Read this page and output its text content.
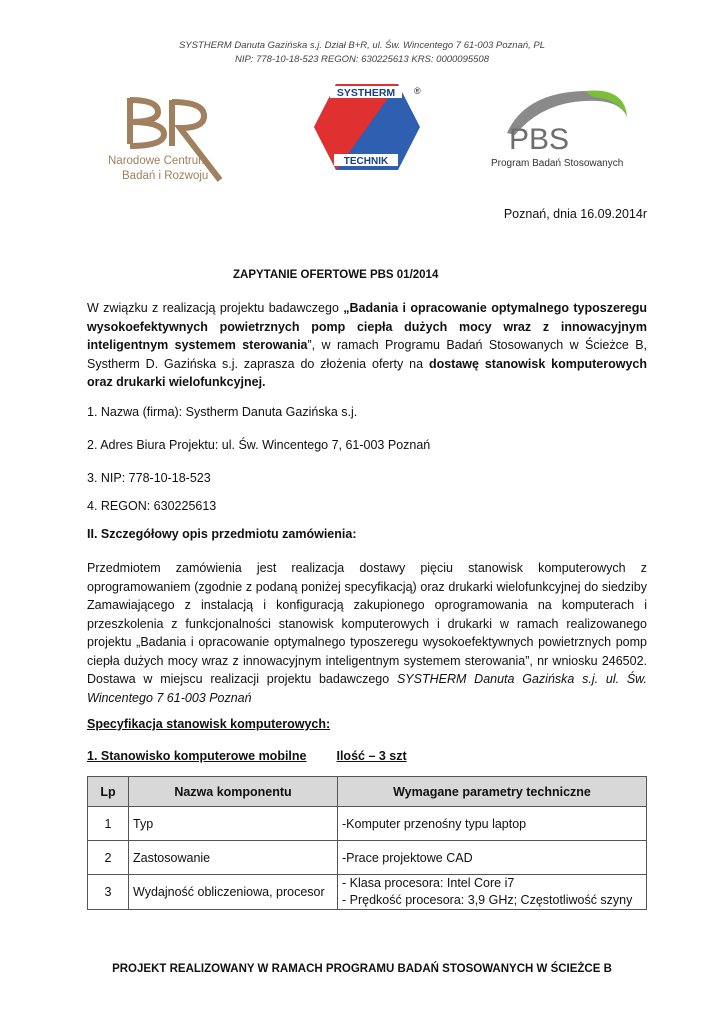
SYSTHERM Danuta Gazińska s.j. Dział B+R, ul. Św. Wincentego 7 61-003 Poznań, PL
NIP: 778-10-18-523 REGON: 630225613 KRS: 0000095508
Narodowe Centrum
Badań i Rozwoju
SYSTHERM
TECHNIK
®
PBS
Program Badań Stosowanych
Poznań, dnia 16.09.2014r
ZAPYTANIE OFERTOWE PBS 01/2014
W związku z realizacją projektu badawczego „Badania i opracowanie optymalnego typoszeregu wysokoefektywnych powietrznych pomp ciepła dużych mocy wraz z innowacyjnym inteligentnym systemem sterowania”, w ramach Programu Badań Stosowanych w Ścieżce B, Systherm D. Gazińska s.j. zaprasza do złożenia oferty na dostawę stanowisk komputerowych oraz drukarki wielofunkcyjnej.
1. Nazwa (firma): Systherm Danuta Gazińska s.j.
2. Adres Biura Projektu: ul. Św. Wincentego 7, 61-003 Poznań
3. NIP: 778-10-18-523
4. REGON: 630225613
II. Szczegółowy opis przedmiotu zamówienia:
Przedmiotem zamówienia jest realizacja dostawy pięciu stanowisk komputerowych z oprogramowaniem (zgodnie z podaną poniżej specyfikacją) oraz drukarki wielofunkcyjnej do siedziby Zamawiającego z instalacją i konfiguracją zakupionego oprogramowania na komputerach i przeszkolenia z funkcjonalności stanowisk komputerowych i drukarki w ramach realizowanego projektu „Badania i opracowanie optymalnego typoszeregu wysokoefektywnych powietrznych pomp ciepła dużych mocy wraz z innowacyjnym inteligentnym systemem sterowania”, nr wniosku 246502. Dostawa w miejscu realizacji projektu badawczego SYSTHERM Danuta Gazińska s.j. ul. Św. Wincentego 7 61-003 Poznań
Specyfikacja stanowisk komputerowych:
1. Stanowisko komputerowe mobilne Ilość – 3 szt
Lp	Nazwa komponentu	Wymagane parametry techniczne
1	Typ	-Komputer przenośny typu laptop
2	Zastosowanie	-Prace projektowe CAD
3	Wydajność obliczeniowa, procesor	- Klasa procesora: Intel Core i7
- Prędkość procesora: 3,9 GHz; Częstotliwość szyny
PROJEKT REALIZOWANY W RAMACH PROGRAMU BADAŃ STOSOWANYCH W ŚCIEŻCE B
